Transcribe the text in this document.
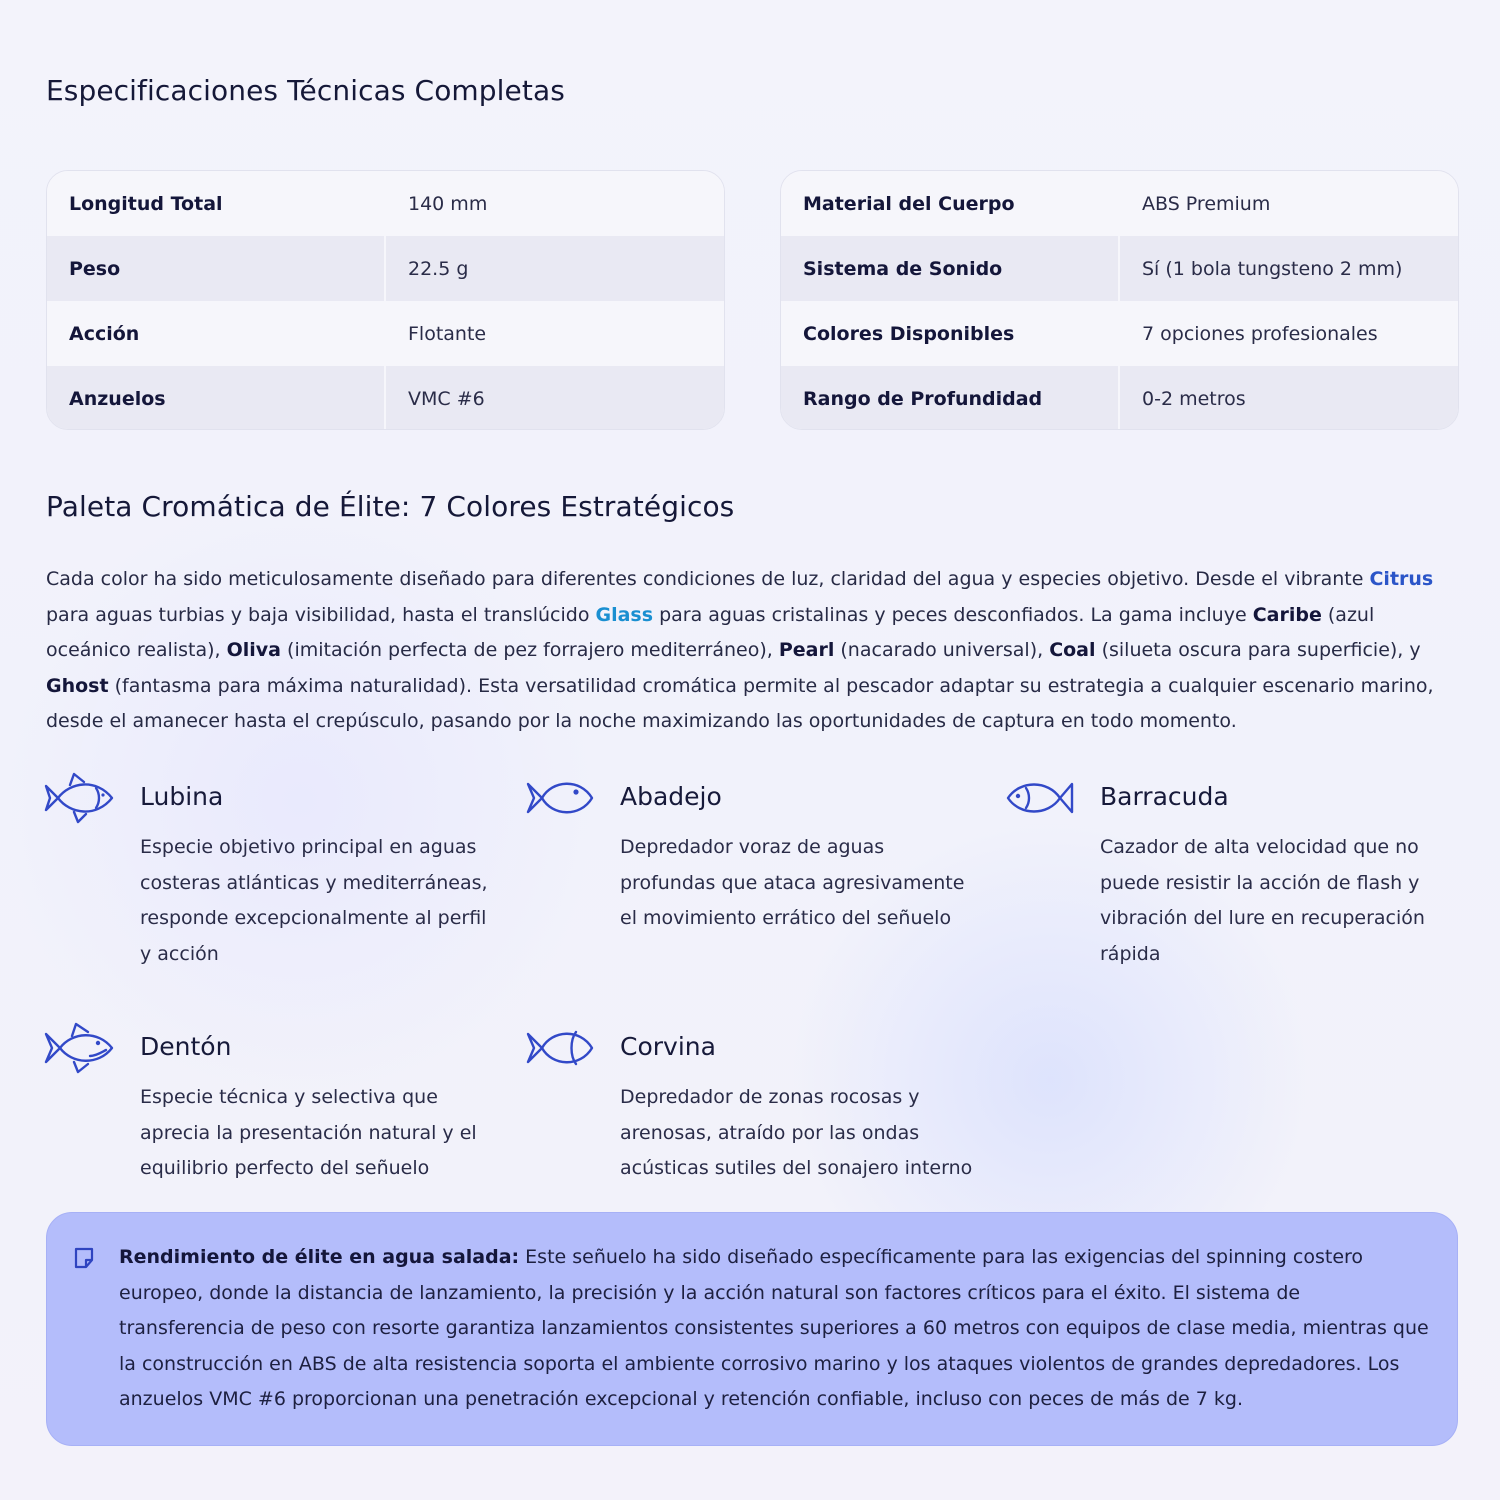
Especificaciones Técnicas Completas
Longitud Total	140 mm
Peso	22.5 g
Acción	Flotante
Anzuelos	VMC #6
Material del Cuerpo	ABS Premium
Sistema de Sonido	Sí (1 bola tungsteno 2 mm)
Colores Disponibles	7 opciones profesionales
Rango de Profundidad	0-2 metros
Paleta Cromática de Élite: 7 Colores Estratégicos

Cada color ha sido meticulosamente diseñado para diferentes condiciones de luz, claridad del agua y especies objetivo. Desde el vibrante Citrus para aguas turbias y baja visibilidad, hasta el translúcido Glass para aguas cristalinas y peces desconfiados. La gama incluye Caribe (azul oceánico realista), Oliva (imitación perfecta de pez forrajero mediterráneo), Pearl (nacarado universal), Coal (silueta oscura para superficie), y Ghost (fantasma para máxima naturalidad). Esta versatilidad cromática permite al pescador adaptar su estrategia a cualquier escenario marino, desde el amanecer hasta el crepúsculo, pasando por la noche maximizando las oportunidades de captura en todo momento.

Lubina

Especie objetivo principal en aguas costeras atlánticas y mediterráneas, responde excepcionalmente al perfil y acción

Abadejo

Depredador voraz de aguas profundas que ataca agresivamente el movimiento errático del señuelo

Barracuda

Cazador de alta velocidad que no puede resistir la acción de flash y vibración del lure en recuperación rápida

Dentón

Especie técnica y selectiva que aprecia la presentación natural y el equilibrio perfecto del señuelo

Corvina

Depredador de zonas rocosas y arenosas, atraído por las ondas acústicas sutiles del sonajero interno

Rendimiento de élite en agua salada: Este señuelo ha sido diseñado específicamente para las exigencias del spinning costero europeo, donde la distancia de lanzamiento, la precisión y la acción natural son factores críticos para el éxito. El sistema de transferencia de peso con resorte garantiza lanzamientos consistentes superiores a 60 metros con equipos de clase media, mientras que la construcción en ABS de alta resistencia soporta el ambiente corrosivo marino y los ataques violentos de grandes depredadores. Los anzuelos VMC #6 proporcionan una penetración excepcional y retención confiable, incluso con peces de más de 7 kg.
